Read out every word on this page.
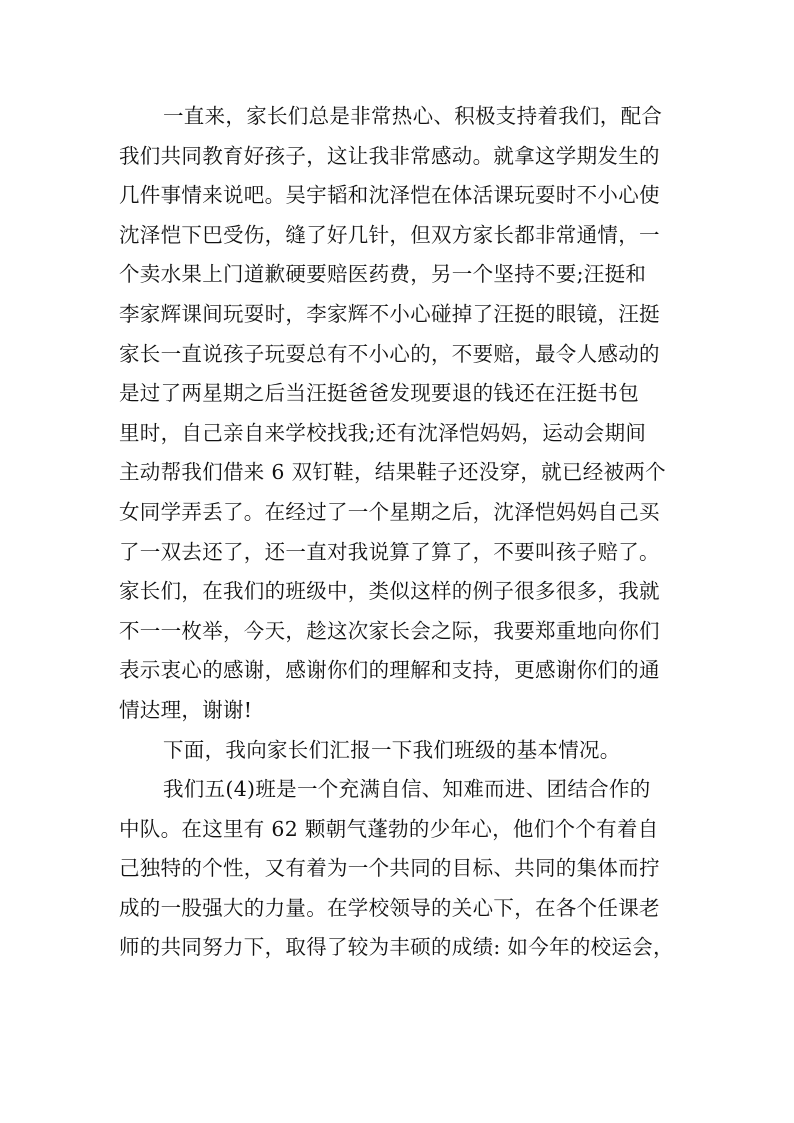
一直来，家长们总是非常热心、积极支持着我们，配合
我们共同教育好孩子，这让我非常感动。就拿这学期发生的
几件事情来说吧。吴宇韬和沈泽恺在体活课玩耍时不小心使
沈泽恺下巴受伤，缝了好几针，但双方家长都非常通情，一
个卖水果上门道歉硬要赔医药费，另一个坚持不要;汪挺和
李家辉课间玩耍时，李家辉不小心碰掉了汪挺的眼镜，汪挺
家长一直说孩子玩耍总有不小心的，不要赔，最令人感动的
是过了两星期之后当汪挺爸爸发现要退的钱还在汪挺书包
里时，自己亲自来学校找我;还有沈泽恺妈妈，运动会期间
主动帮我们借来 6 双钉鞋，结果鞋子还没穿，就已经被两个
女同学弄丢了。在经过了一个星期之后，沈泽恺妈妈自己买
了一双去还了，还一直对我说算了算了，不要叫孩子赔了。
家长们，在我们的班级中，类似这样的例子很多很多，我就
不一一枚举，今天，趁这次家长会之际，我要郑重地向你们
表示衷心的感谢，感谢你们的理解和支持，更感谢你们的通
情达理，谢谢!
下面，我向家长们汇报一下我们班级的基本情况。
我们五(4)班是一个充满自信、知难而进、团结合作的
中队。在这里有 62 颗朝气蓬勃的少年心，他们个个有着自
己独特的个性，又有着为一个共同的目标、共同的集体而拧
成的一股强大的力量。在学校领导的关心下，在各个任课老
师的共同努力下，取得了较为丰硕的成绩: 如今年的校运会，
